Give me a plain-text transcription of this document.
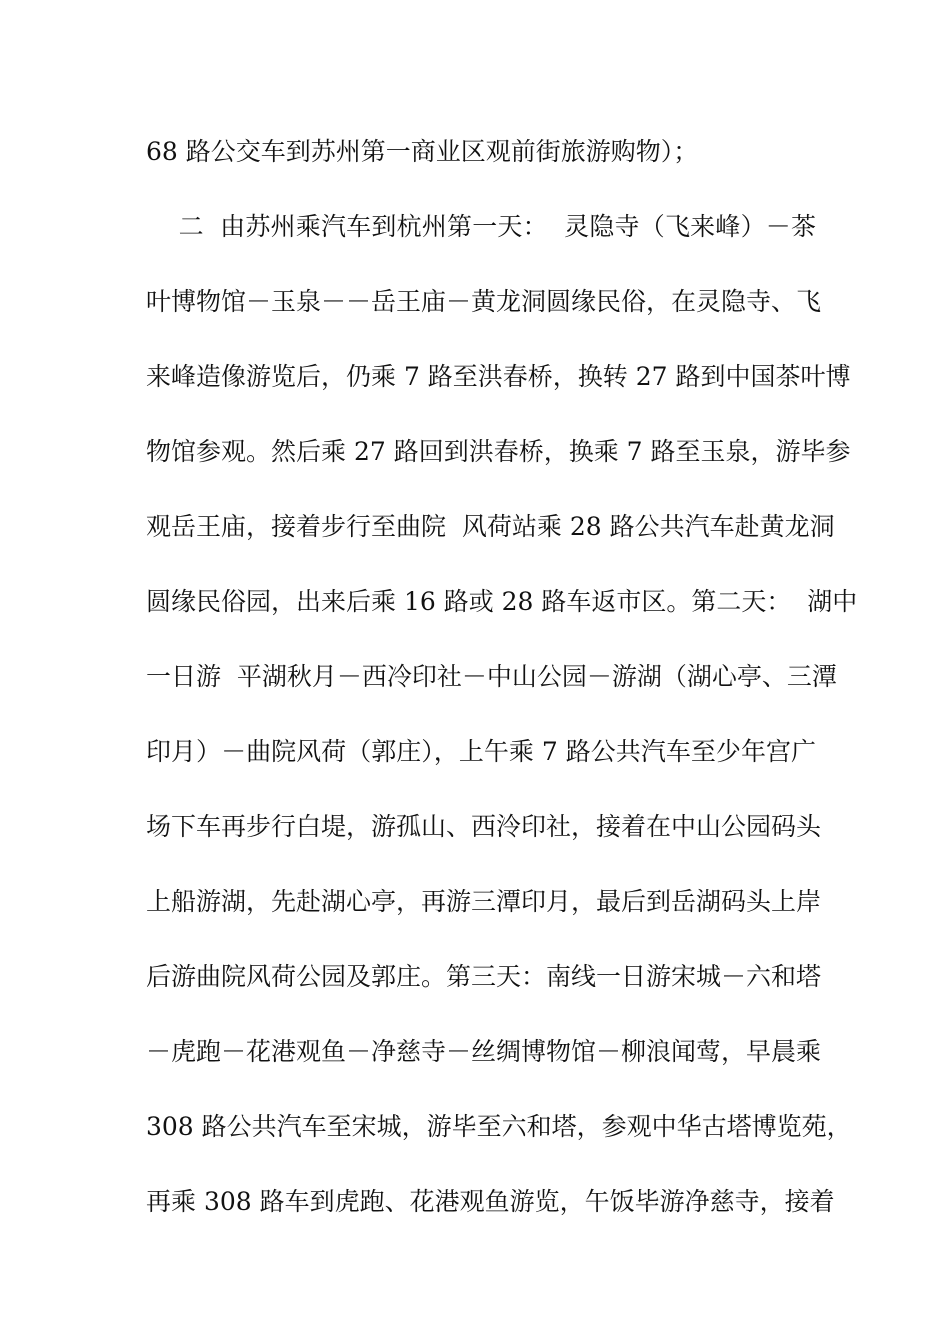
68 路公交车到苏州第一商业区观前街旅游购物）；
二  由苏州乘汽车到杭州第一天：  灵隐寺（飞来峰）－茶
叶博物馆－玉泉－－岳王庙－黄龙洞圆缘民俗，在灵隐寺、飞
来峰造像游览后，仍乘 7 路至洪春桥，换转 27 路到中国茶叶博
物馆参观。然后乘 27 路回到洪春桥，换乘 7 路至玉泉，游毕参
观岳王庙，接着步行至曲院  风荷站乘 28 路公共汽车赴黄龙洞
圆缘民俗园，出来后乘 16 路或 28 路车返市区。第二天：  湖中
一日游  平湖秋月－西冷印社－中山公园－游湖（湖心亭、三潭
印月）－曲院风荷（郭庄），上午乘 7 路公共汽车至少年宫广
场下车再步行白堤，游孤山、西泠印社，接着在中山公园码头
上船游湖，先赴湖心亭，再游三潭印月，最后到岳湖码头上岸
后游曲院风荷公园及郭庄。第三天：南线一日游宋城－六和塔
－虎跑－花港观鱼－净慈寺－丝绸博物馆－柳浪闻莺，早晨乘
308 路公共汽车至宋城，游毕至六和塔，参观中华古塔博览苑，
再乘 308 路车到虎跑、花港观鱼游览，午饭毕游净慈寺，接着
